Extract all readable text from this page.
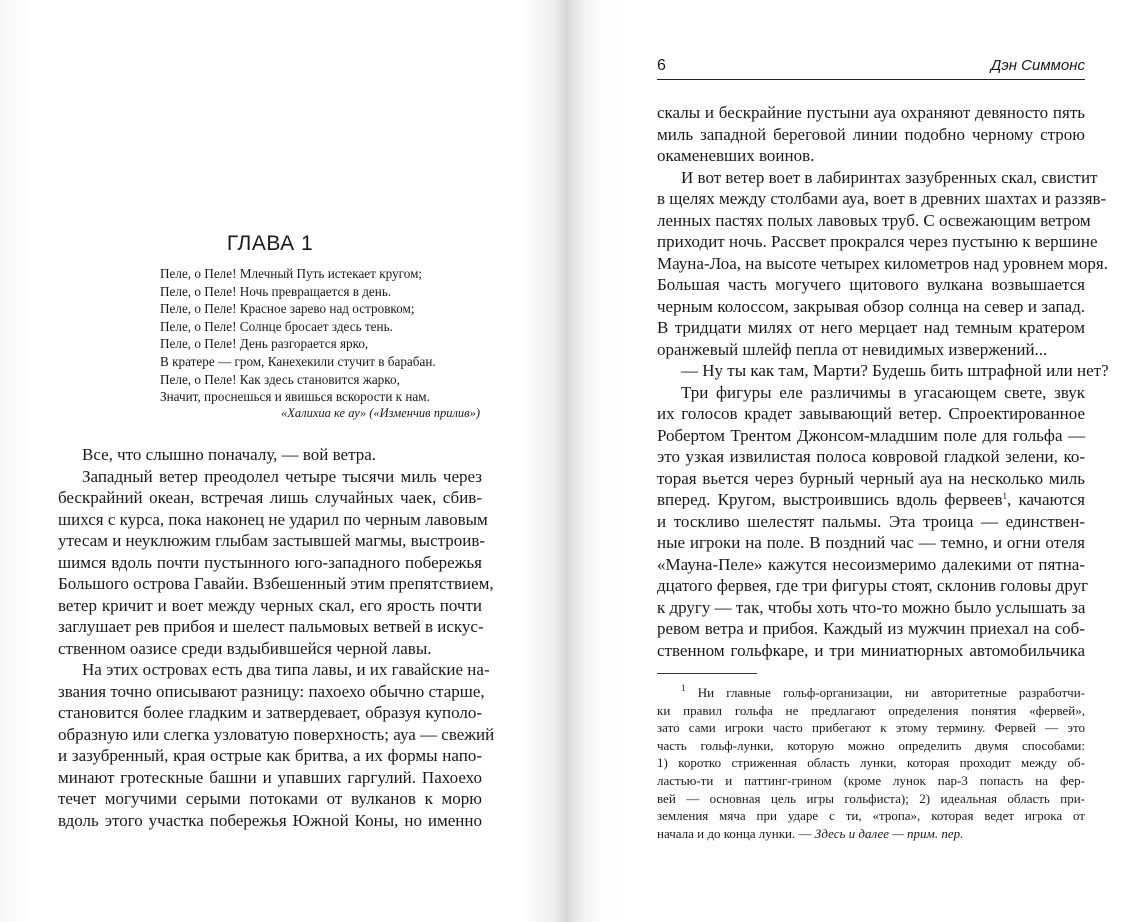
ГЛАВА 1
Пеле, о Пеле! Млечный Путь истекает кругом;
Пеле, о Пеле! Ночь превращается в день.
Пеле, о Пеле! Красное зарево над островком;
Пеле, о Пеле! Солнце бросает здесь тень.
Пеле, о Пеле! День разгорается ярко,
В кратере — гром, Канехекили стучит в барабан.
Пеле, о Пеле! Как здесь становится жарко,
Значит, проснешься и явишься вскорости к нам.
«Халихиа ке ау» («Изменчив прилив»)
Все, что слышно поначалу, — вой ветра.
Западный ветер преодолел четыре тысячи миль через
бескрайний океан, встречая лишь случайных чаек, сбив-
шихся с курса, пока наконец не ударил по черным лавовым
утесам и неуклюжим глыбам застывшей магмы, выстроив-
шимся вдоль почти пустынного юго-западного побережья
Большого острова Гавайи. Взбешенный этим препятствием,
ветер кричит и воет между черных скал, его ярость почти
заглушает рев прибоя и шелест пальмовых ветвей в искус-
ственном оазисе среди вздыбившейся черной лавы.
На этих островах есть два типа лавы, и их гавайские на-
звания точно описывают разницу: пахоехо обычно старше,
становится более гладким и затвердевает, образуя куполо-
образную или слегка узловатую поверхность; ауа — свежий
и зазубренный, края острые как бритва, а их формы напо-
минают гротескные башни и упавших гаргулий. Пахоехо
течет могучими серыми потоками от вулканов к морю
вдоль этого участка побережья Южной Коны, но именно
6	Дэн Симмонс
скалы и бескрайние пустыни ауа охраняют девяносто пять
миль западной береговой линии подобно черному строю
окаменевших воинов.
И вот ветер воет в лабиринтах зазубренных скал, свистит
в щелях между столбами ауа, воет в древних шахтах и раззяв-
ленных пастях полых лавовых труб. С освежающим ветром
приходит ночь. Рассвет прокрался через пустыню к вершине
Мауна-Лоа, на высоте четырех километров над уровнем моря.
Большая часть могучего щитового вулкана возвышается
черным колоссом, закрывая обзор солнца на север и запад.
В тридцати милях от него мерцает над темным кратером
оранжевый шлейф пепла от невидимых извержений...
— Ну ты как там, Марти? Будешь бить штрафной или нет?
Три фигуры еле различимы в угасающем свете, звук
их голосов крадет завывающий ветер. Спроектированное
Робертом Трентом Джонсом-младшим поле для гольфа —
это узкая извилистая полоса ковровой гладкой зелени, ко-
торая вьется через бурный черный ауа на несколько миль
вперед. Кругом, выстроившись вдоль фервеев$^1$, качаются
и тоскливо шелестят пальмы. Эта троица — единствен-
ные игроки на поле. В поздний час — темно, и огни отеля
«Мауна-Пеле» кажутся несоизмеримо далекими от пятна-
дцатого фервея, где три фигуры стоят, склонив головы друг
к другу — так, чтобы хоть что-то можно было услышать за
ревом ветра и прибоя. Каждый из мужчин приехал на соб-
ственном гольфкаре, и три миниатюрных автомобильчика
$^1$ Ни главные гольф-организации, ни авторитетные разработчи-
ки правил гольфа не предлагают определения понятия «фервей»,
зато сами игроки часто прибегают к этому термину. Фервей — это
часть гольф-лунки, которую можно определить двумя способами:
1) коротко стриженная область лунки, которая проходит между об-
ластью-ти и паттинг-грином (кроме лунок пар-3 попасть на фер-
вей — основная цель игры гольфиста); 2) идеальная область при-
земления мяча при ударе с ти, «тропа», которая ведет игрока от
начала и до конца лунки. — Здесь и далее — прим. пер.
